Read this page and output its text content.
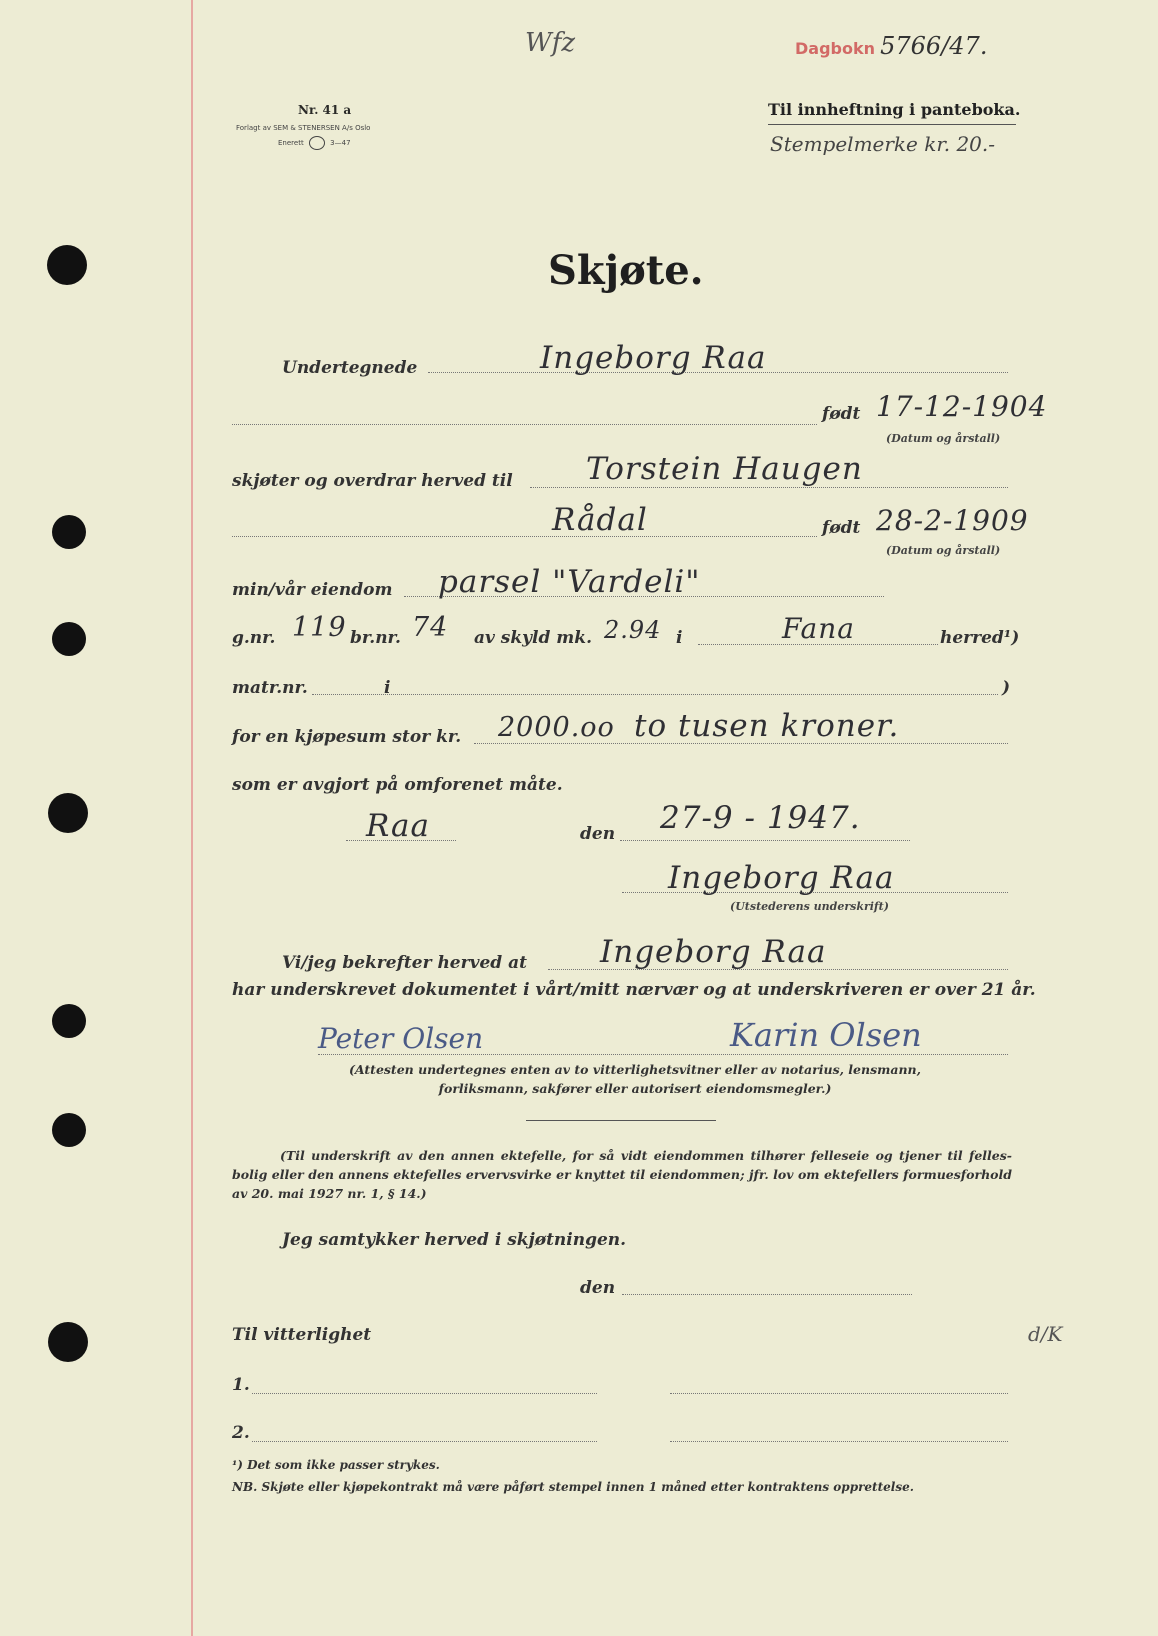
Wfz	Dagbokn 5766/47.
Nr. 41 a
Forlagt av SEM & STENERSEN A/s Oslo
Enerett	3—47
Til innheftning i panteboka.
Stempelmerke kr. 20.-
Skjøte.
Undertegnede	Ingeborg Raa
født 17-12-1904
(Datum og årstall)
skjøter og overdrar herved til Torstein Haugen
Rådal	født 28-2-1909
(Datum og årstall)
min/vår eiendom parsel "Vardeli"
g.nr. 119 br.nr. 74 av skyld mk. 2.94 i	Fana	herred¹)
matr.nr.	i	)
for en kjøpesum stor kr. 2000.oo to tusen kroner.
som er avgjort på omforenet måte.
Raa	den 27-9 - 1947.
Ingeborg Raa
(Utstederens underskrift)
Vi/jeg bekrefter herved at Ingeborg Raa
har underskrevet dokumentet i vårt/mitt nærvær og at underskriveren er over 21 år.
Peter Olsen	Karin Olsen
(Attesten undertegnes enten av to vitterlighetsvitner eller av notarius, lensmann, forliksmann, sakfører eller autorisert eiendomsmegler.)
(Til underskrift av den annen ektefelle, for så vidt eiendommen tilhører felleseie og tjener til felles-bolig eller den annens ektefelles ervervsvirke er knyttet til eiendommen; jfr. lov om ektefellers formuesforhold av 20. mai 1927 nr. 1, § 14.)
Jeg samtykker herved i skjøtningen.
den
Til vitterlighet	d/K
1.
2.
¹) Det som ikke passer strykes.
NB. Skjøte eller kjøpekontrakt må være påført stempel innen 1 måned etter kontraktens opprettelse.
